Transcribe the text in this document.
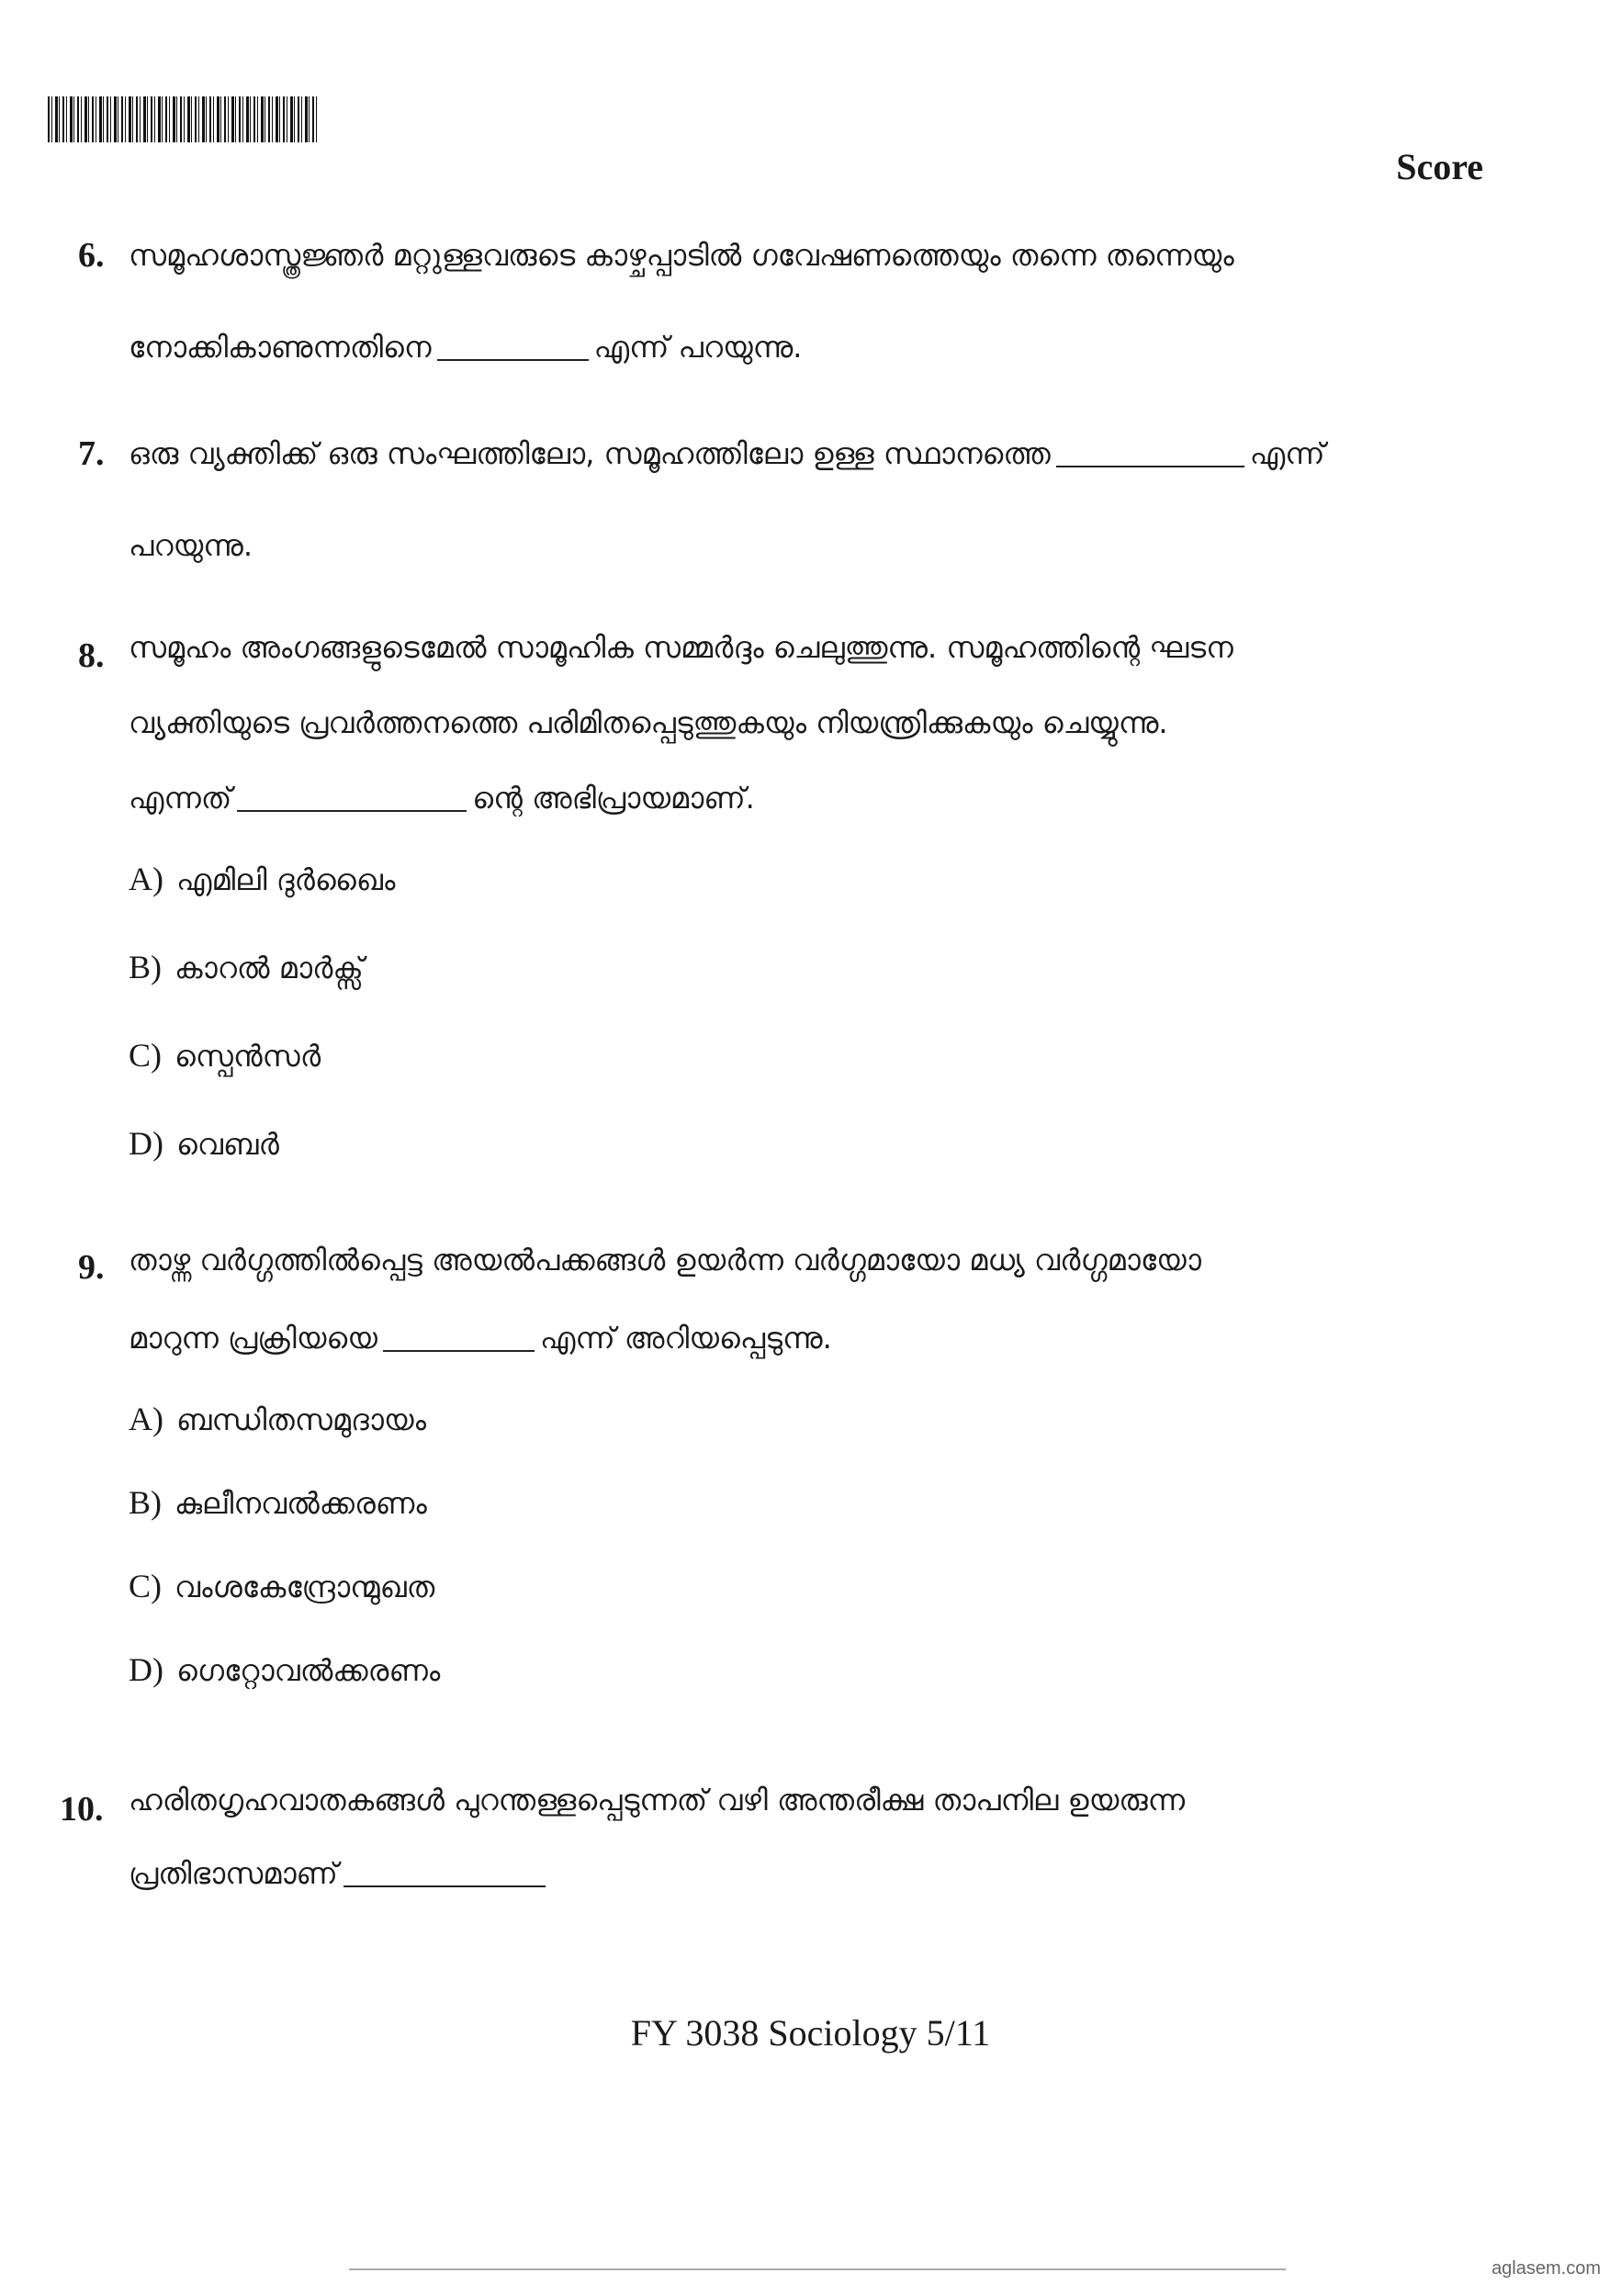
Score
6. സമൂഹശാസ്ത്രജ്ഞർ മറ്റുള്ളവരുടെ കാഴ്ചപ്പാടിൽ ഗവേഷണത്തെയും തന്നെ തന്നെയും
നോക്കികാണുന്നതിനെ	എന്ന് പറയുന്നു.
7. ഒരു വ്യക്തിക്ക് ഒരു സംഘത്തിലോ, സമൂഹത്തിലോ ഉള്ള സ്ഥാനത്തെ	എന്ന്
പറയുന്നു.
8. സമൂഹം അംഗങ്ങളുടെമേൽ സാമൂഹിക സമ്മർദ്ദം ചെലുത്തുന്നു. സമൂഹത്തിന്റെ ഘടന
വ്യക്തിയുടെ പ്രവർത്തനത്തെ പരിമിതപ്പെടുത്തുകയും നിയന്ത്രിക്കുകയും ചെയ്യുന്നു.
എന്നത്	ന്റെ അഭിപ്രായമാണ്.
A) എമിലി ദുർഖൈം
B) കാറൽ മാർക്സ്
C) സ്പെൻസർ
D) വെബർ
9. താഴ്ന്ന വർഗ്ഗത്തിൽപ്പെട്ട അയൽപക്കങ്ങൾ ഉയർന്ന വർഗ്ഗമായോ മധ്യ വർഗ്ഗമായോ
മാറുന്ന പ്രക്രിയയെ	എന്ന് അറിയപ്പെടുന്നു.
A) ബന്ധിതസമുദായം
B) കുലീനവൽക്കരണം
C) വംശകേന്ദ്രോന്മുഖത
D) ഗെറ്റോവൽക്കരണം
10. ഹരിതഗൃഹവാതകങ്ങൾ പുറന്തള്ളപ്പെടുന്നത് വഴി അന്തരീക്ഷ താപനില ഉയരുന്ന
പ്രതിഭാസമാണ്
FY 3038 Sociology 5/11
aglasem.com
